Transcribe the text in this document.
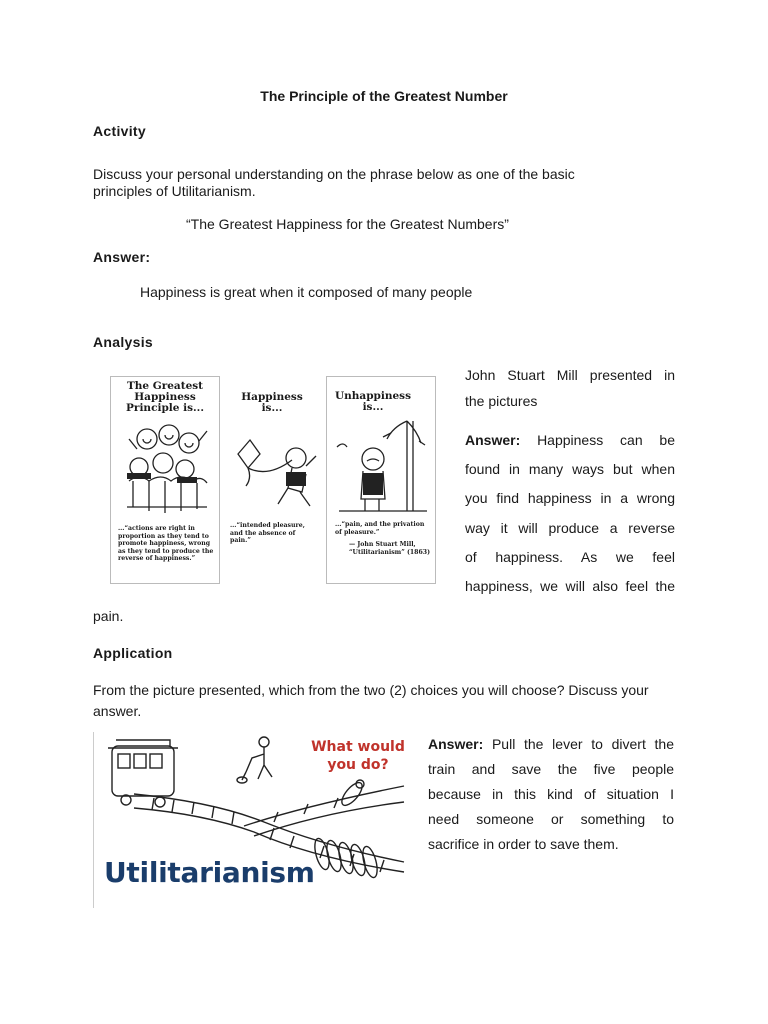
The Principle of the Greatest Number
Activity
Discuss your personal understanding on the phrase below as one of the basic
principles of Utilitarianism.
“The Greatest Happiness for the Greatest Numbers”
Answer:
Happiness is great when it composed of many people
Analysis
The Greatest Happiness Principle is...
...“actions are right in proportion as they tend to promote happiness, wrong as they tend to produce the reverse of happiness.”
Happiness is...
...“intended pleasure, and the absence of pain.”
Unhappiness is...
...“pain, and the privation of pleasure.”
— John Stuart Mill,
“Utilitarianism” (1863)
John Stuart Mill presented in
the pictures
Answer: Happiness can be
found in many ways but when
you find happiness in a wrong
way it will produce a reverse
of happiness. As we feel
happiness, we will also feel the
pain.
Application
From the picture presented, which from the two (2) choices you will choose? Discuss your
answer.
What would
you do?
Utilitarianism
Answer: Pull the lever to divert the
train and save the five people
because in this kind of situation I
need someone or something to
sacrifice in order to save them.
